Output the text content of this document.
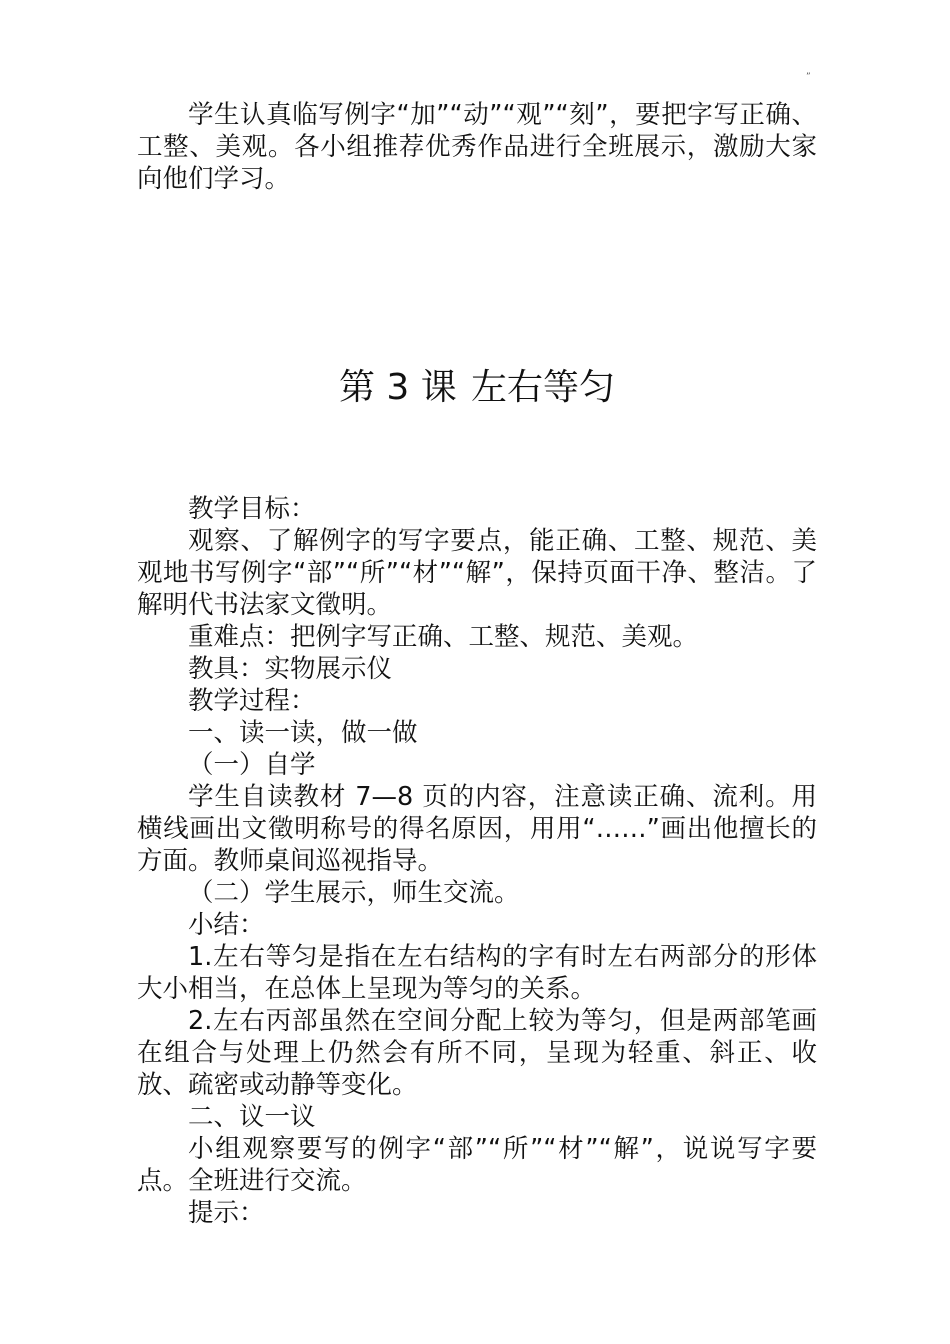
”

学生认真临写例字“加”“动”“观”“刻”，要把字写正确、工整、美观。各小组推荐优秀作品进行全班展示，激励大家向他们学习。

第 3 课 左右等匀

教学目标：

观察、了解例字的写字要点，能正确、工整、规范、美观地书写例字“部”“所”“材”“解”，保持页面干净、整洁。了解明代书法家文徵明。

重难点：把例字写正确、工整、规范、美观。

教具：实物展示仪

教学过程：

一、读一读，做一做

（一）自学

学生自读教材 7—8 页的内容，注意读正确、流利。用横线画出文徵明称号的得名原因，用用“……”画出他擅长的方面。教师桌间巡视指导。

（二）学生展示，师生交流。

小结：

1.左右等匀是指在左右结构的字有时左右两部分的形体大小相当，在总体上呈现为等匀的关系。

2.左右丙部虽然在空间分配上较为等匀，但是两部笔画在组合与处理上仍然会有所不同，呈现为轻重、斜正、收放、疏密或动静等变化。

二、议一议

小组观察要写的例字“部”“所”“材”“解”，说说写字要点。全班进行交流。

提示：
